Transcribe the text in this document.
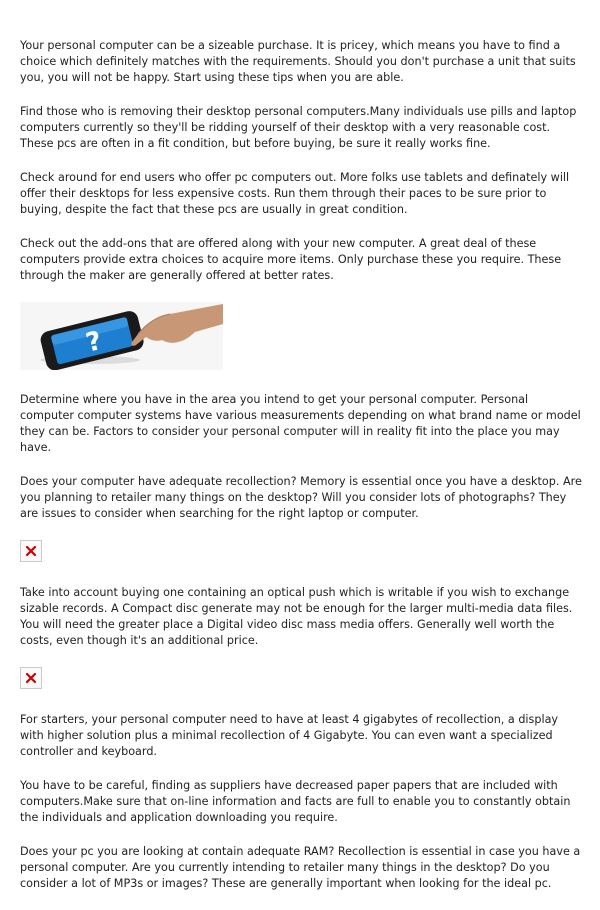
Your personal computer can be a sizeable purchase. It is pricey, which means you have to find a choice which definitely matches with the requirements. Should you don't purchase a unit that suits you, you will not be happy. Start using these tips when you are able.

Find those who is removing their desktop personal computers.Many individuals use pills and laptop computers currently so they'll be ridding yourself of their desktop with a very reasonable cost. These pcs are often in a fit condition, but before buying, be sure it really works fine.

Check around for end users who offer pc computers out. More folks use tablets and definately will offer their desktops for less expensive costs. Run them through their paces to be sure prior to buying, despite the fact that these pcs are usually in great condition.

Check out the add-ons that are offered along with your new computer. A great deal of these computers provide extra choices to acquire more items. Only purchase these you require. These through the maker are generally offered at better rates.

?

Determine where you have in the area you intend to get your personal computer. Personal computer computer systems have various measurements depending on what brand name or model they can be. Factors to consider your personal computer will in reality fit into the place you may have.

Does your computer have adequate recollection? Memory is essential once you have a desktop. Are you planning to retailer many things on the desktop? Will you consider lots of photographs? They are issues to consider when searching for the right laptop or computer.

Take into account buying one containing an optical push which is writable if you wish to exchange sizable records. A Compact disc generate may not be enough for the larger multi-media data files. You will need the greater place a Digital video disc mass media offers. Generally well worth the costs, even though it's an additional price.

For starters, your personal computer need to have at least 4 gigabytes of recollection, a display with higher solution plus a minimal recollection of 4 Gigabyte. You can even want a specialized controller and keyboard.

You have to be careful, finding as suppliers have decreased paper papers that are included with computers.Make sure that on-line information and facts are full to enable you to constantly obtain the individuals and application downloading you require.

Does your pc you are looking at contain adequate RAM? Recollection is essential in case you have a personal computer. Are you currently intending to retailer many things in the desktop? Do you consider a lot of MP3s or images? These are generally important when looking for the ideal pc.
